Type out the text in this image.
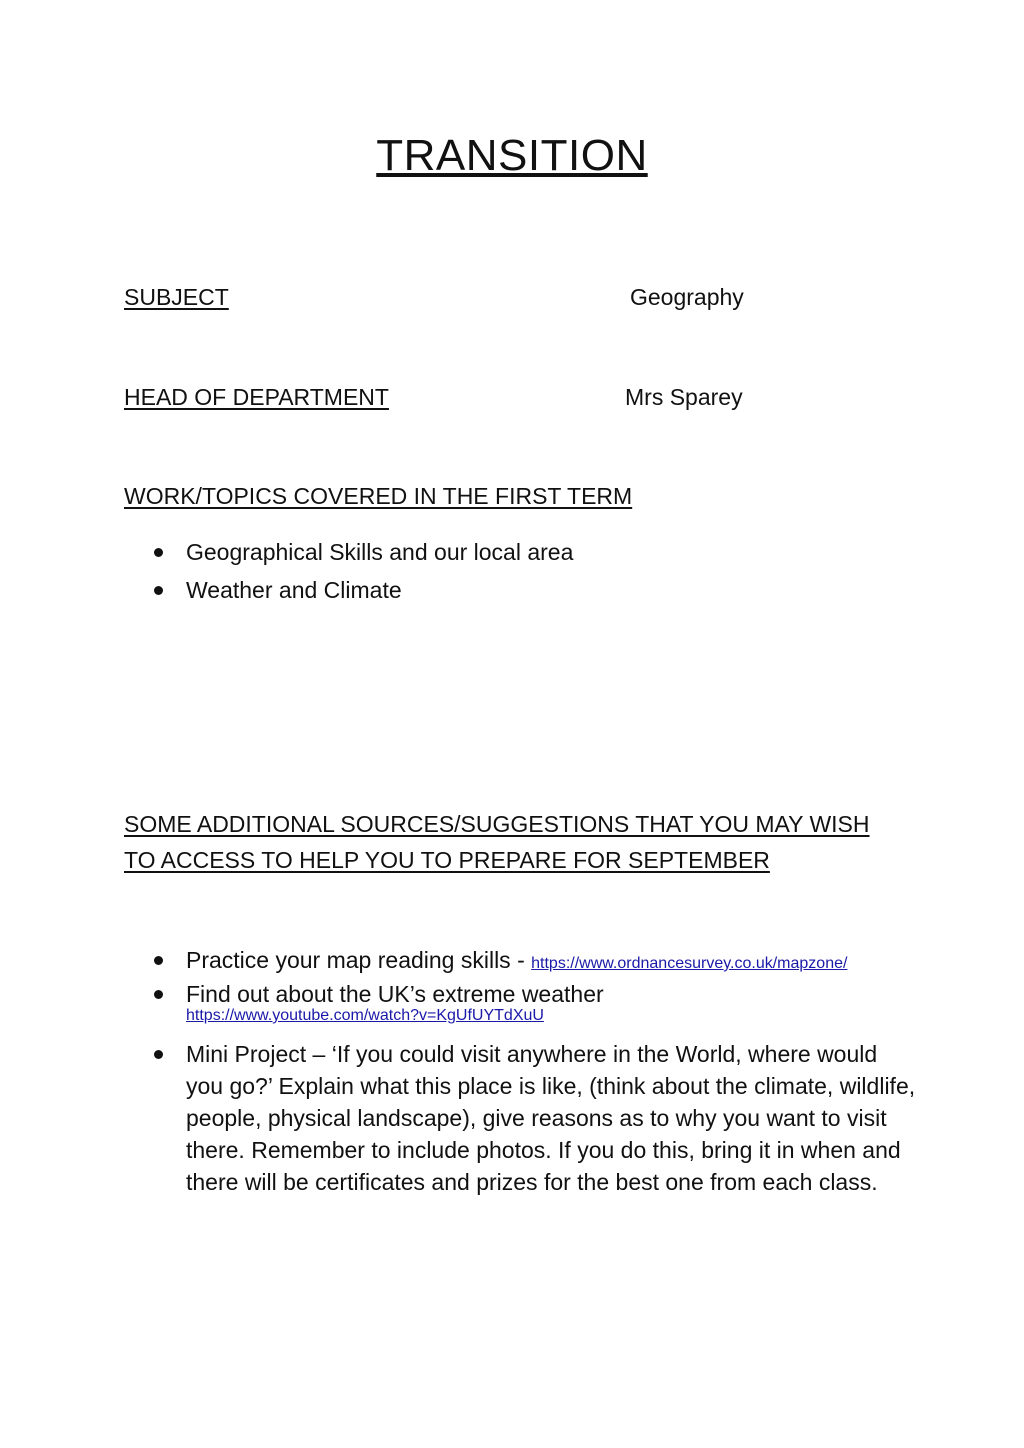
TRANSITION
SUBJECT	Geography
HEAD OF DEPARTMENT	Mrs Sparey
WORK/TOPICS COVERED IN THE FIRST TERM
Geographical Skills and our local area
Weather and Climate
SOME ADDITIONAL SOURCES/SUGGESTIONS THAT YOU MAY WISH
TO ACCESS TO HELP YOU TO PREPARE FOR SEPTEMBER
Practice your map reading skills - https://www.ordnancesurvey.co.uk/mapzone/
Find out about the UK’s extreme weather
https://www.youtube.com/watch?v=KgUfUYTdXuU
Mini Project – ‘If you could visit anywhere in the World, where would
you go?’ Explain what this place is like, (think about the climate, wildlife,
people, physical landscape), give reasons as to why you want to visit
there. Remember to include photos. If you do this, bring it in when and
there will be certificates and prizes for the best one from each class.
